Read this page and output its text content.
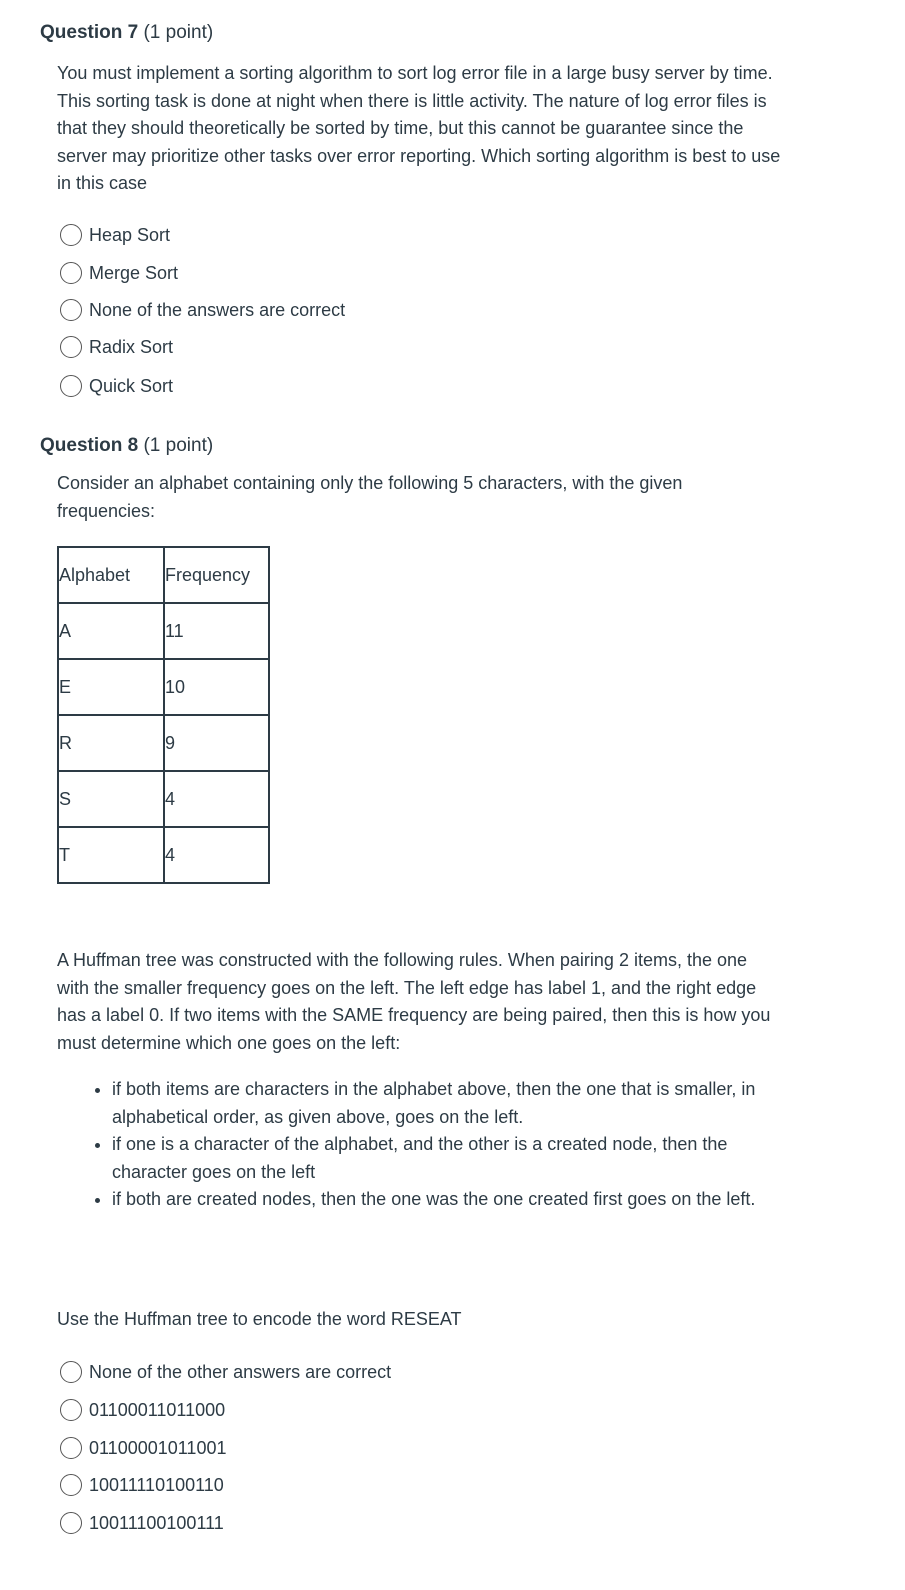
Question 7 (1 point)
You must implement a sorting algorithm to sort log error file in a large busy server by time. This sorting task is done at night when there is little activity. The nature of log error files is that they should theoretically be sorted by time, but this cannot be guarantee since the server may prioritize other tasks over error reporting. Which sorting algorithm is best to use in this case
Heap Sort
Merge Sort
None of the answers are correct
Radix Sort
Quick Sort
Question 8 (1 point)
Consider an alphabet containing only the following 5 characters, with the given frequencies:
Alphabet	Frequency
A	11
E	10
R	9
S	4
T	4
A Huffman tree was constructed with the following rules. When pairing 2 items, the one with the smaller frequency goes on the left. The left edge has label 1, and the right edge has a label 0. If two items with the SAME frequency are being paired, then this is how you must determine which one goes on the left:
• if both items are characters in the alphabet above, then the one that is smaller, in alphabetical order, as given above, goes on the left.
• if one is a character of the alphabet, and the other is a created node, then the character goes on the left
• if both are created nodes, then the one was the one created first goes on the left.
Use the Huffman tree to encode the word RESEAT
None of the other answers are correct
01100011011000
01100001011001
10011110100110
10011100100111
